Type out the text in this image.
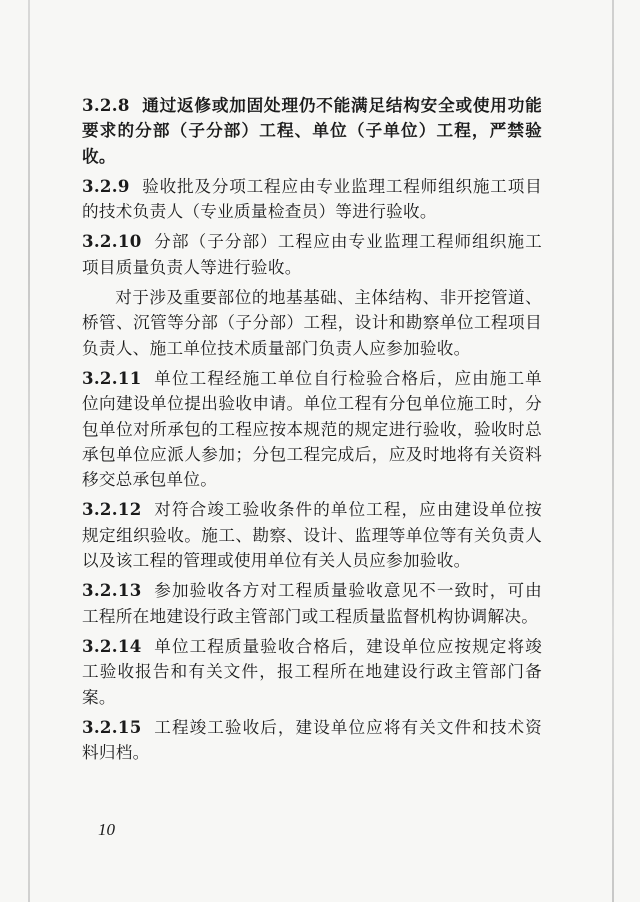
3.2.8 通过返修或加固处理仍不能满足结构安全或使用功能要求的分部（子分部）工程、单位（子单位）工程，严禁验收。

3.2.9 验收批及分项工程应由专业监理工程师组织施工项目的技术负责人（专业质量检查员）等进行验收。

3.2.10 分部（子分部）工程应由专业监理工程师组织施工项目质量负责人等进行验收。

对于涉及重要部位的地基基础、主体结构、非开挖管道、桥管、沉管等分部（子分部）工程，设计和勘察单位工程项目负责人、施工单位技术质量部门负责人应参加验收。

3.2.11 单位工程经施工单位自行检验合格后，应由施工单位向建设单位提出验收申请。单位工程有分包单位施工时，分包单位对所承包的工程应按本规范的规定进行验收，验收时总承包单位应派人参加；分包工程完成后，应及时地将有关资料移交总承包单位。

3.2.12 对符合竣工验收条件的单位工程，应由建设单位按规定组织验收。施工、勘察、设计、监理等单位等有关负责人以及该工程的管理或使用单位有关人员应参加验收。

3.2.13 参加验收各方对工程质量验收意见不一致时，可由工程所在地建设行政主管部门或工程质量监督机构协调解决。

3.2.14 单位工程质量验收合格后，建设单位应按规定将竣工验收报告和有关文件，报工程所在地建设行政主管部门备案。

3.2.15 工程竣工验收后，建设单位应将有关文件和技术资料归档。

10
